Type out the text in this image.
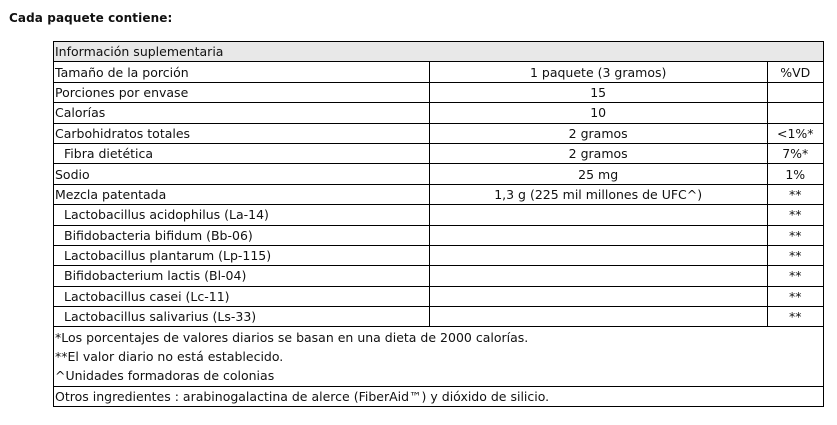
Cada paquete contiene:
Información suplementaria		
Tamaño de la porción	1 paquete (3 gramos)	%VD
Porciones por envase	15	
Calorías	10	
Carbohidratos totales	2 gramos	<1%*
Fibra dietética	2 gramos	7%*
Sodio	25 mg	1%
Mezcla patentada	1,3 g (225 mil millones de UFC^)	**
Lactobacillus acidophilus (La-14)		**
Bifidobacteria bifidum (Bb-06)		**
Lactobacillus plantarum (Lp-115)		**
Bifidobacterium lactis (Bl-04)		**
Lactobacillus casei (Lc-11)		**
Lactobacillus salivarius (Ls-33)		**
*Los porcentajes de valores diarios se basan en una dieta de 2000 calorías.		
**El valor diario no está establecido.		
^Unidades formadoras de colonias		
Otros ingredientes : arabinogalactina de alerce (FiberAid™) y dióxido de silicio.		
